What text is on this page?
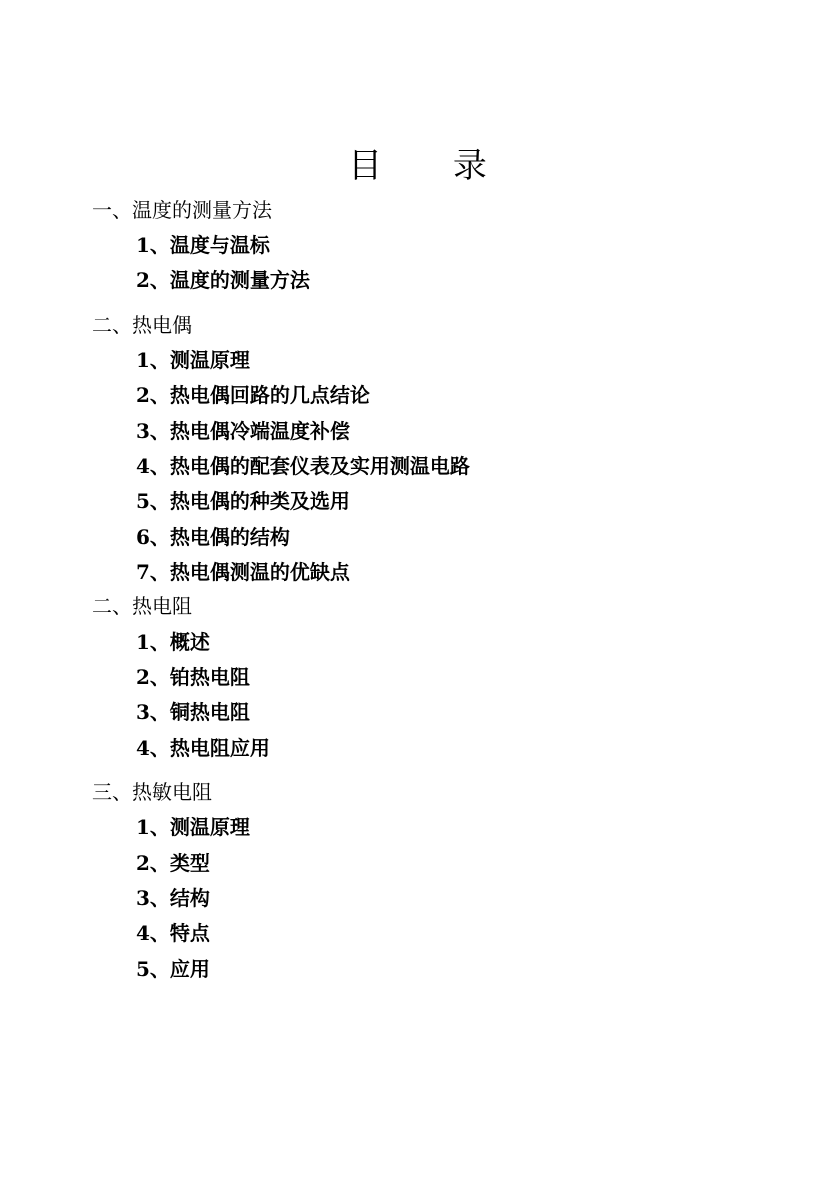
目 录
一、温度的测量方法
1、温度与温标
2、温度的测量方法
二、热电偶
1、测温原理
2、热电偶回路的几点结论
3、热电偶冷端温度补偿
4、热电偶的配套仪表及实用测温电路
5、热电偶的种类及选用
6、热电偶的结构
7、热电偶测温的优缺点
二、热电阻
1、概述
2、铂热电阻
3、铜热电阻
4、热电阻应用
三、热敏电阻
1、测温原理
2、类型
3、结构
4、特点
5、应用
